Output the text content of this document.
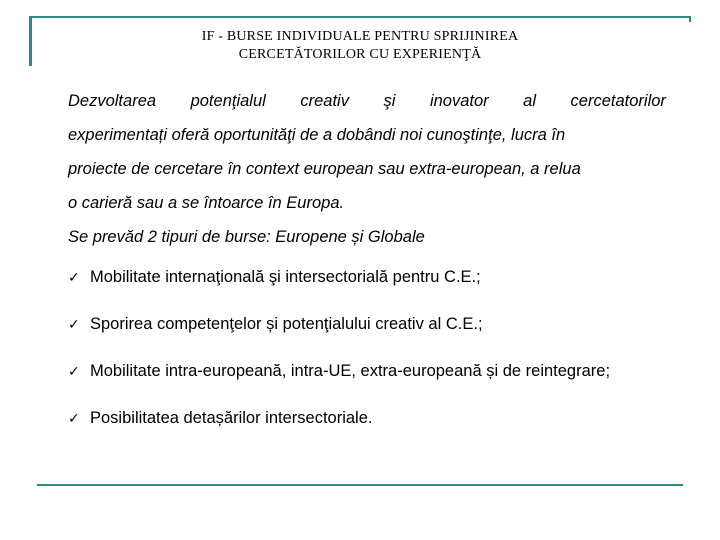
IF - BURSE INDIVIDUALE PENTRU SPRIJINIREA
CERCETĂTORILOR CU EXPERIENŢĂ
Dezvoltarea potenţialul creativ şi inovator al cercetatorilor
experimentați oferă oportunităţi de a dobândi noi cunoştinţe, lucra în
proiecte de cercetare în context european sau extra-european, a relua
o carieră sau a se întoarce în Europa.
Se prevăd 2 tipuri de burse: Europene și Globale
✓ Mobilitate internaţională şi intersectorială pentru C.E.;
✓ Sporirea competenţelor și potenţialului creativ al C.E.;
✓ Mobilitate intra-europeană, intra-UE, extra-europeană și de reintegrare;
✓ Posibilitatea detașărilor intersectoriale.
